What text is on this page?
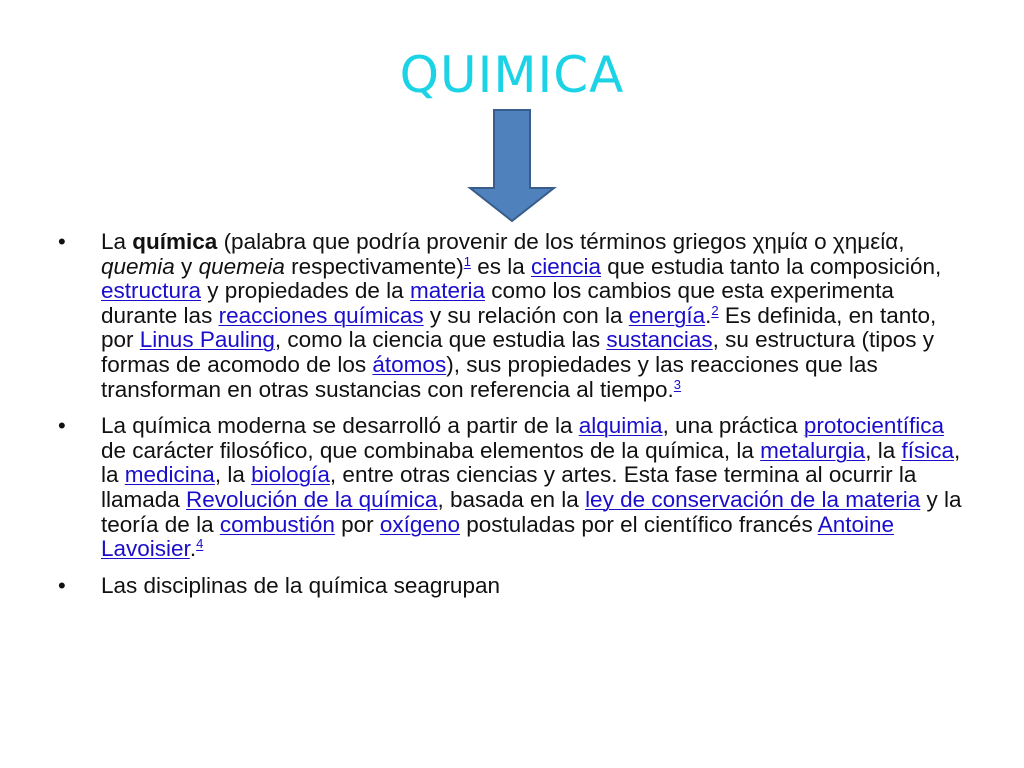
QUIMICA
• La química (palabra que podría provenir de los términos griegos χημία o χημεία, quemia y quemeia respectivamente)$^1$ es la ciencia que estudia tanto la composición, estructura y propiedades de la materia como los cambios que esta experimenta durante las reacciones químicas y su relación con la energía.$^2$ Es definida, en tanto, por Linus Pauling, como la ciencia que estudia las sustancias, su estructura (tipos y formas de acomodo de los átomos), sus propiedades y las reacciones que las transforman en otras sustancias con referencia al tiempo.$^3$
• La química moderna se desarrolló a partir de la alquimia, una práctica protocientífica de carácter filosófico, que combinaba elementos de la química, la metalurgia, la física, la medicina, la biología, entre otras ciencias y artes. Esta fase termina al ocurrir la llamada Revolución de la química, basada en la ley de conservación de la materia y la teoría de la combustión por oxígeno postuladas por el científico francés Antoine Lavoisier.$^4$
• Las disciplinas de la química seagrupan
